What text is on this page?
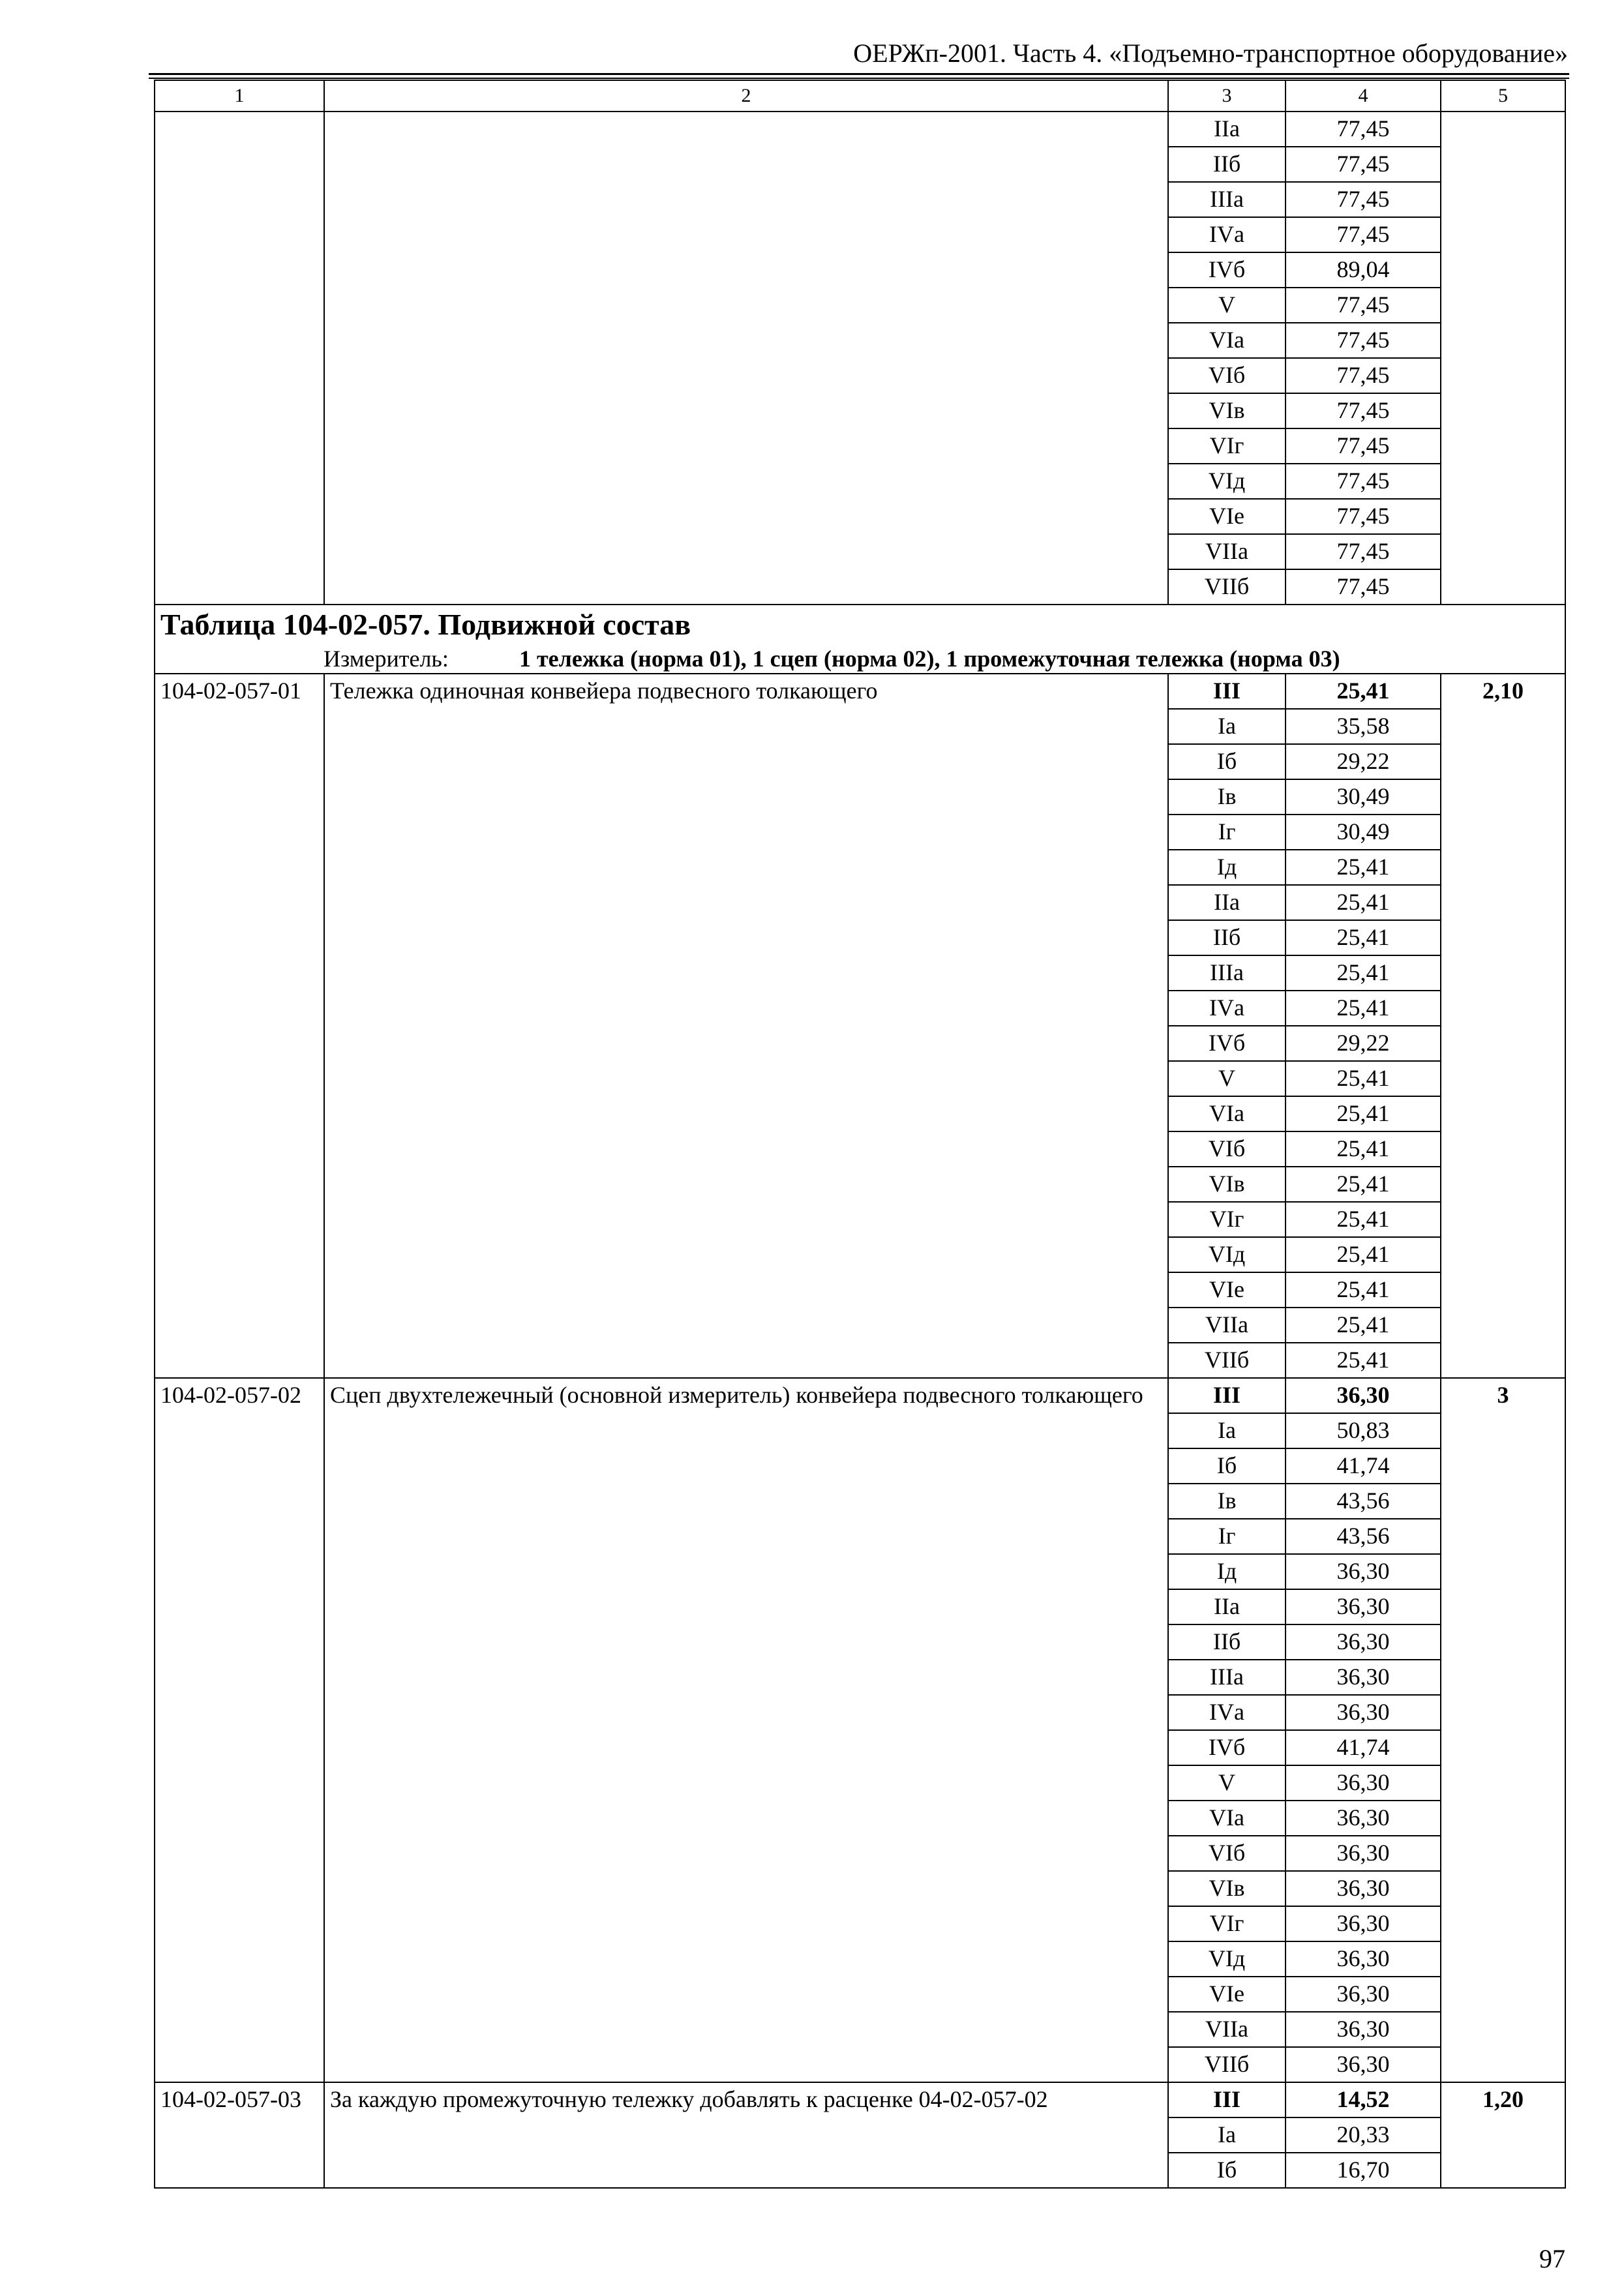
ОЕРЖп-2001. Часть 4. «Подъемно-транспортное оборудование»
1	2	3	4	5
		IIа	77,45	
		IIб	77,45	
		IIIа	77,45	
		IVа	77,45	
		IVб	89,04	
		V	77,45	
		VIа	77,45	
		VIб	77,45	
		VIв	77,45	
		VIг	77,45	
		VIд	77,45	
		VIе	77,45	
		VIIа	77,45	
		VIIб	77,45	

Таблица 104-02-057. Подвижной состав
Измеритель: 1 тележка (норма 01), 1 сцеп (норма 02), 1 промежуточная тележка (норма 03)				

104-02-057-01	Тележка одиночная конвейера подвесного толкающего	III	25,41	2,10
		Iа	35,58	
		Iб	29,22	
		Iв	30,49	
		Iг	30,49	
		Iд	25,41	
		IIа	25,41	
		IIб	25,41	
		IIIа	25,41	
		IVа	25,41	
		IVб	29,22	
		V	25,41	
		VIа	25,41	
		VIб	25,41	
		VIв	25,41	
		VIг	25,41	
		VIд	25,41	
		VIе	25,41	
		VIIа	25,41	
		VIIб	25,41	
104-02-057-02	Сцеп двухтележечный (основной измеритель) конвейера подвесного толкающего	III	36,30	3
		Iа	50,83	
		Iб	41,74	
		Iв	43,56	
		Iг	43,56	
		Iд	36,30	
		IIа	36,30	
		IIб	36,30	
		IIIа	36,30	
		IVа	36,30	
		IVб	41,74	
		V	36,30	
		VIа	36,30	
		VIб	36,30	
		VIв	36,30	
		VIг	36,30	
		VIд	36,30	
		VIе	36,30	
		VIIа	36,30	
		VIIб	36,30	
104-02-057-03	За каждую промежуточную тележку добавлять к расценке 04-02-057-02	III	14,52	1,20
		Iа	20,33	
		Iб	16,70	
97
